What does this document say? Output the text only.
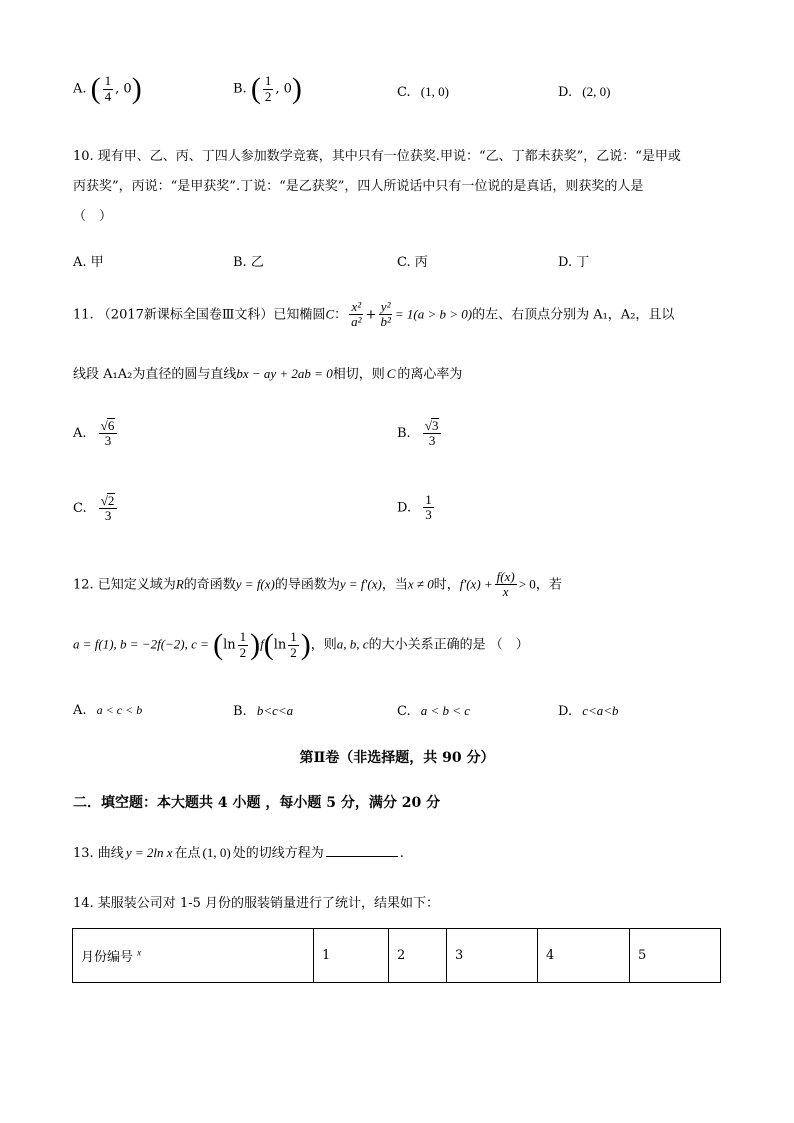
A. ( $\frac{1}{4}$ , 0)	B. ( $\frac{1}{2}$ , 0)	C. (1, 0)	D. (2, 0)
10. 现有甲、乙、丙、丁四人参加数学竞赛，其中只有一位获奖.甲说：“乙、丁都未获奖”，乙说：“是甲或
丙获奖”，丙说：“是甲获奖”.丁说：“是乙获奖”，四人所说话中只有一位说的是真话，则获奖的人是
（　）
A. 甲	B. 乙	C. 丙	D. 丁
11. （2017新课标全国卷Ⅲ文科）已知椭圆C： $\frac{\text{x²}}{\text{a²}} + \frac{\text{y²}}{\text{b²}} = 1(a > b > 0)$的左、右顶点分别为 A₁，A₂，且以
线段 A₁A₂为直径的圆与直线bx − ay + 2ab = 0相切，则 C 的离心率为
A. $\frac{√6}{3}$	B. $\frac{√3}{3}$
C. $\frac{√2}{3}$	D. $\frac{1}{3}$
12. 已知定义域为R的奇函数y = f(x)的导函数为y = f′(x)，当x ≠ 0时，$f'(x) + \frac{f(x)}{x} > 0$，若
a = f(1), b = −2f(−2), $c = (\ln \frac{1}{2} )f(\ln \frac{1}{2}$ )，则a, b, c的大小关系正确的是 （　）
A. a < c < b	B. b<c<a	C. a < b < c	D. c<a<b
第Ⅱ卷（非选择题，共 90 分）
二．填空题：本大题共 4 小题 ，每小题 5 分，满分 20 分
13. 曲线 y = 2ln x 在点 (1, 0) 处的切线方程为	.
14. 某服装公司对 1-5 月份的服装销量进行了统计，结果如下：
月份编号 $^x$	1	2	3	4	5
